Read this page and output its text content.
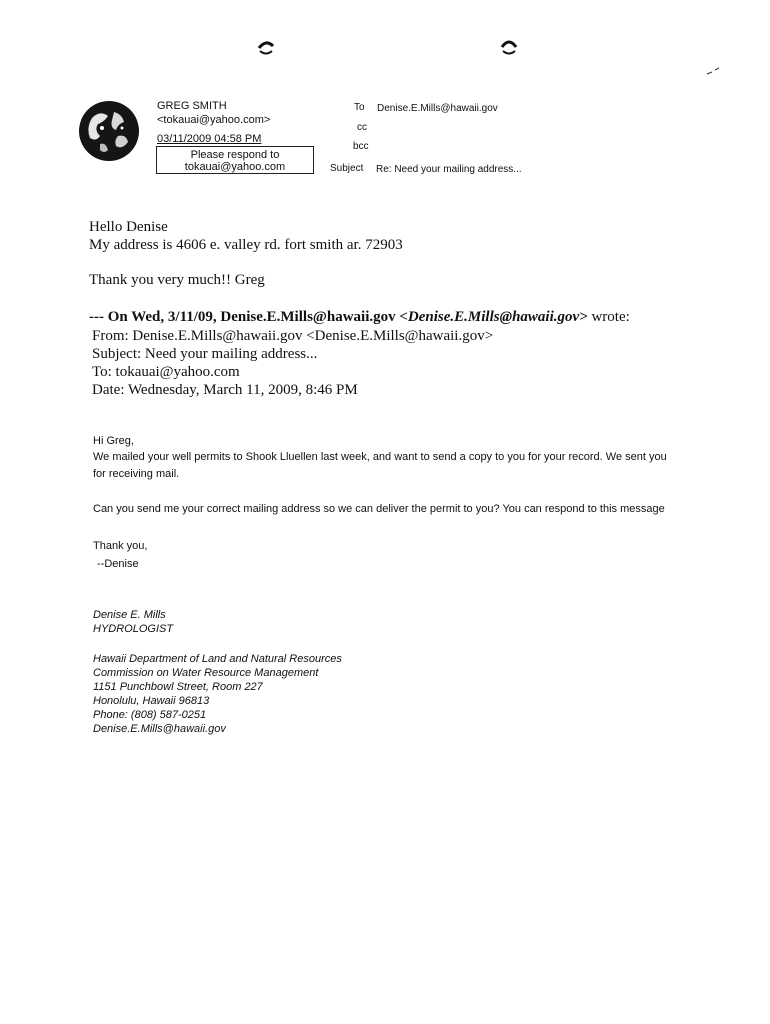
GREG SMITH
<tokauai@yahoo.com>
03/11/2009 04:58 PM
Please respond to
tokauai@yahoo.com
To Denise.E.Mills@hawaii.gov
cc
bcc
Subject Re: Need your mailing address...
Hello Denise
My address is 4606 e. valley rd. fort smith ar. 72903
Thank you very much!! Greg
--- On Wed, 3/11/09, Denise.E.Mills@hawaii.gov <Denise.E.Mills@hawaii.gov> wrote:
From: Denise.E.Mills@hawaii.gov <Denise.E.Mills@hawaii.gov>
Subject: Need your mailing address...
To: tokauai@yahoo.com
Date: Wednesday, March 11, 2009, 8:46 PM
Hi Greg,
We mailed your well permits to Shook Lluellen last week, and want to send a copy to you for your record. We sent you
for receiving mail.
Can you send me your correct mailing address so we can deliver the permit to you? You can respond to this message
Thank you,
--Denise
Denise E. Mills
HYDROLOGIST
Hawaii Department of Land and Natural Resources
Commission on Water Resource Management
1151 Punchbowl Street, Room 227
Honolulu, Hawaii 96813
Phone: (808) 587-0251
Denise.E.Mills@hawaii.gov
